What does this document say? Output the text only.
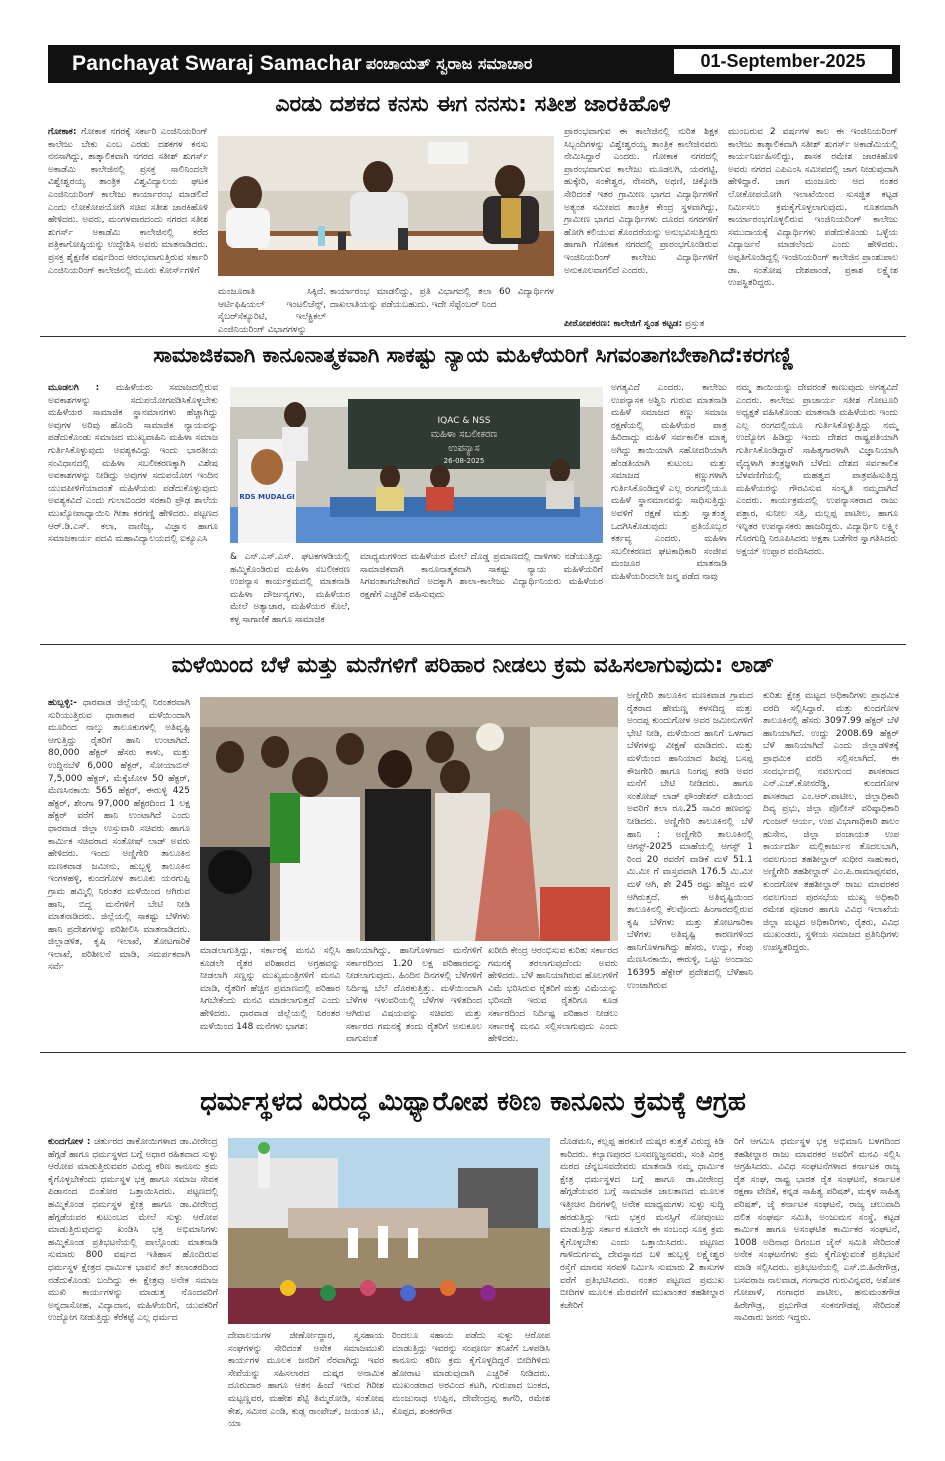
Panchayat Swaraj Samachar ಪಂಚಾಯತ್ ಸ್ವರಾಜ ಸಮಾಚಾರ	01-September-2025	2
ಎರಡು ದಶಕದ ಕನಸು ಈಗ ನನಸು: ಸತೀಶ ಜಾರಕಿಹೊಳಿ
ಗೋಕಾಕ: ಗೋಕಾಕ ನಗರಕ್ಕೆ ಸರ್ಕಾರಿ ಎಂಜಿನಿಯರಿಂಗ್ ಕಾಲೇಜು ಬೇಕು ಎಂಬ ಎರಡು ದಶಕಗಳ ಕನಸು ನನಸಾಗಿದ್ದು, ತಾತ್ಕಾಲಿಕವಾಗಿ ನಗರದ ಸತೀಶ್ ಶುಗರ್ಸ್ ಅಕಾಡೆಮಿ ಕಾಲೇಜಿನಲ್ಲಿ ಪ್ರಸಕ್ತ ಸಾಲಿನಿಂದಲೇ ವಿಶ್ವೇಶ್ವರಯ್ಯ ತಾಂತ್ರಿಕ ವಿಶ್ವವಿದ್ಯಾಲಯ ಘಟಕ ಎಂಜಿನಿಯರಿಂಗ್ ಕಾಲೇಜು ಕಾರ್ಯಾರಂಭ ಮಾಡಲಿದೆ ಎಂದು ಲೋಕೋಪಯೋಗಿ ಸಚಿವ ಸತೀಶ ಜಾರಕಿಹೊಳಿ ಹೇಳಿದರು. ಅವರು, ಮಂಗಳವಾರದಂದು ನಗರದ ಸತೀಶ ಶುಗರ್ಸ್ ಅಕಾಡೆಮಿ ಕಾಲೇಜಿನಲ್ಲಿ ಕರೆದ ಪತ್ರಿಕಾಗೋಷ್ಠಿಯನ್ನು ಉದ್ದೇಶಿಸಿ ಅವರು ಮಾತನಾಡಿದರು. ಪ್ರಸಕ್ತ ಶೈಕ್ಷಣಿಕ ವರ್ಷದಿಂದ ಆರಂಭವಾಗುತ್ತಿರುವ ಸರ್ಕಾರಿ ಎಂಜಿನಿಯರಿಂಗ್ ಕಾಲೇಜಿನಲ್ಲಿ ಮೂರು ಕೋರ್ಸ್‌ಗಳಿಗೆ
ಮಂಜೂರಾತಿ ಸಿಕ್ಕಿದೆ. ಆರ್ಟಿಫಿಷಿಯಲ್ ಇಂಟಲಿಜೆನ್ಸ್, ಸೈಬರ್‌ಸೆಕ್ಯೂರಿಟಿ, ಇಲೆಕ್ಟ್ರಿಕಲ್ ಎಂಜಿನಿಯರಿಂಗ್ ವಿಭಾಗಗಳನ್ನು
ಕಾರ್ಯಾರಂಭ ಮಾಡಲಿದ್ದು, ಪ್ರತಿ ವಿಭಾಗದಲ್ಲಿ ತಲಾ 60 ವಿದ್ಯಾರ್ಥಿಗಳ ದಾಖಲಾತಿಯನ್ನು ಪಡೆಯಬಹುದು. ಇದೇ ಸೆಪ್ಟೆಂಬರ್ ನಿಂದ
ಪ್ರಾರಂಭವಾಗುವ ಈ ಕಾಲೇಜಿನಲ್ಲಿ ನುರಿತ ಶಿಕ್ಷಕ ಸಿಬ್ಬಂದಿಗಳನ್ನು ವಿಶ್ವೇಶ್ವರಯ್ಯ ತಾಂತ್ರಿಕ ಕಾಲೇಜಿನವರು ನೇಮಿಸಿದ್ದಾರೆ ಎಂದರು. ಗೋಕಾಕ ನಗರದಲ್ಲಿ ಪ್ರಾರಂಭವಾಗುವ ಕಾಲೇಜು ಮೂಡಲಗಿ, ಯರಗಟ್ಟಿ, ಹುಕ್ಕೇರಿ, ಸಂಕೇಶ್ವರ, ನೇಸರಗಿ, ಅಥಣಿ, ಚಿಕ್ಕೋಡಿ ಸೇರಿದಂತೆ ಇತರ ಗ್ರಾಮೀಣ ಭಾಗದ ವಿದ್ಯಾರ್ಥಿಗಳಿಗೆ ಅತ್ಯಂತ ಸಮೀಪದ ತಾಂತ್ರಿಕ ಕೇಂದ್ರ ಸ್ಥಳವಾಗಿದ್ದು, ಗ್ರಾಮೀಣ ಭಾಗದ ವಿದ್ಯಾರ್ಥಿಗಳು ದೂರದ ನಗರಗಳಿಗೆ ಹೋಗಿ ಕಲಿಯುವ ತೊಂದರೆಯನ್ನು ಅನುಭವಿಸುತ್ತಿದ್ದರು ಹಾಗಾಗಿ ಗೋಕಾಕ ನಗರದಲ್ಲಿ ಪ್ರಾರಂಭಗೊಂಡಿರುವ ಇಂಜಿನಿಯರಿಂಗ್ ಕಾಲೇಜು ವಿದ್ಯಾರ್ಥಿಗಳಿಗೆ ಅನುಕೂಲವಾಗಲಿದೆ ಎಂದರು.
ಪೀಠೋಪಕರಣ: ಕಾಲೇಜಿಗೆ ಸ್ವಂತ ಕಟ್ಟಡ: ಪ್ರಸ್ತುತ
ಮುಂಬರುವ 2 ವರ್ಷಗಳ ಕಾಲ ಈ ಇಂಜಿನಿಯರಿಂಗ್ ಕಾಲೇಜು ತಾತ್ಕಾಲಿಕವಾಗಿ ಸತೀಶ್ ಶುಗರ್ಸ್ ಅಕಾಡೆಮಿಯಲ್ಲಿ ಕಾರ್ಯನಿರ್ವಹಿಸಲಿದ್ದು, ಶಾಸಕ ರಮೇಶ ಜಾರಕಿಹೊಳಿ ಅವರು ನಗರದ ಎಪಿಎಂಸಿ ಸಮೀಪದಲ್ಲಿ ಜಾಗ ನೀಡುವುದಾಗಿ ಹೇಳಿದ್ದಾರೆ. ಜಾಗ ಮಂಜೂರು ಆದ ನಂತರ ಲೋಕೋಪಯೋಗಿ ಇಲಾಖೆಯಿಂದ ಸುಸಜ್ಜಿತ ಕಟ್ಟಡ ನಿರ್ಮಿಸಲು ಕ್ರಮಕೈಗೊಳ್ಳಲಾಗುವುದು. ನೂತನವಾಗಿ ಕಾರ್ಯಾರಂಭಗೊಳ್ಳಲಿರುವ ಇಂಜಿನಿಯರಿಂಗ್ ಕಾಲೇಜು ಸಮುದಾಯಕ್ಕೆ ವಿದ್ಯಾರ್ಥಿಗಳು ಪಡೆದುಕೊಂಡು ಒಳ್ಳೆಯ ವಿದ್ಯಾರ್ಜನೆ ಮಾಡಲೆಂದು ಎಂದು ಹೇಳಿದರು. ಅಪ್ಪತಿಗೊಂಡಿದ್ದಲ್ಲಿ ಇಂಜಿನಿಯರಿಂಗ್ ಕಾಲೇಜಿನ ಪ್ರಾಂಶುಪಾಲ ಡಾ. ಸಂತೋಷ ದೇಶಪಾಂಡೆ, ಪ್ರಕಾಶ ಲಕ್ಷ್ಮೇಶ ಉಪಸ್ಥಿತರಿದ್ದರು.
ಸಾಮಾಜಿಕವಾಗಿ ಕಾನೂನಾತ್ಮಕವಾಗಿ ಸಾಕಷ್ಟು ನ್ಯಾಯ ಮಹಿಳೆಯರಿಗೆ ಸಿಗವಂತಾಗಬೇಕಾಗಿದೆ:ಕರಗಣ್ಣಿ
ಮೂಡಲಗಿ : ಮಹಿಳೆಯರು ಸಮಾಜದಲ್ಲಿರುವ ಅವಕಾಶಗಳನ್ನು ಸದುಪಯೋಗಪಡಿಸಿಕೊಳ್ಳಬೇಕು ಮಹಿಳೆಯರ ಸಾಮಾಜಿಕ ಸ್ಥಾನಮಾನಗಳು ಹೆಚ್ಚಾಗಿದ್ದು ಅವುಗಳ ಅರಿವು ಹೊಂದಿ ಸಾಮಾಜಿಕ ನ್ಯಾಯವನ್ನು ಪಡೆದುಕೊಂಡು ಸಮಾಜದ ಮುಖ್ಯವಾಹಿನಿ ಮಹಿಳಾ ಸಮಾಜ ಗುರ್ತಿಸಿಕೊಳ್ಳುವುದು ಅವಶ್ಯಕವಿದ್ದು ಇಂದು ಭಾರತೀಯ ಸಂವಿಧಾನದಲ್ಲಿ ಮಹಿಳಾ ಸಬಲೀಕರಣಕ್ಕಾಗಿ ವಿಶೇಷ ಅವಕಾಶಗಳನ್ನು ನೀಡಿದ್ದು ಅವುಗಳ ಸದುಪಯೋಗ ಇಂದಿನ ಯುವಪೀಳಿಗೆಯಾದಂತೆ ಮಹಿಳೆಯರು ಪಡೆದುಕೊಳ್ಳುವುದು ಅವಶ್ಯಕವಿದೆ ಎಂದು ಗುಲಾಬಿಂದರ ಸರಕಾರಿ ಪ್ರೌಢ ಶಾಲೆಯ ಮುಖ್ಯೋಪಾಧ್ಯಾಯಿನಿ ಗೀತಾ ಕರಗಣ್ಣಿ ಹೇಳಿದರು. ಪಟ್ಟಣದ ಆರ್.ಡಿ.ಎಸ್. ಕಲಾ, ವಾಣಿಜ್ಯ, ವಿಜ್ಞಾನ ಹಾಗೂ ಸಮಾಜಕಾರ್ಯ ಪದವಿ ಮಹಾವಿದ್ಯಾಲಯದಲ್ಲಿ ಐಕ್ಯೂಎಸಿ
IQAC & NSS
ಮಹಿಳಾ ಸಬಲೀಕರಣ
ಉಪನ್ಯಾಸ
26-08-2025
RDS MUDALGI
& ಎನ್.ಎಸ್.ಎಸ್. ಘಟಕಗಳಡಿಯಲ್ಲಿ ಹಮ್ಮಿಕೊಂಡಿರುವ ಮಹಿಳಾ ಸಬಲೀಕರಣ ಉಪನ್ಯಾಸ ಕಾರ್ಯಕ್ರಮದಲ್ಲಿ ಮಾತನಾಡಿ ಮಹಿಳಾ ದೌರ್ಜನ್ಯಗಳು, ಮಹಿಳೆಯರ ಮೇಲೆ ಅತ್ಯಾಚಾರ, ಮಹಿಳೆಯರ ಕೊಲೆ, ಕಳ್ಳ ಸಾಗಾಣಿಕೆ ಹಾಗೂ ಸಾಮಾಜಿಕ
ಮಾಧ್ಯಮಗಳಿಂದ ಮಹಿಳೆಯರ ಮೇಲೆ ದೊಡ್ಡ ಪ್ರಮಾಣದಲ್ಲಿ ದಾಳಿಗಳು ನಡೆಯುತ್ತಿದ್ದು ಸಾಮಾಜಿಕವಾಗಿ ಕಾನೂನಾತ್ಮಕವಾಗಿ ಸಾಕಷ್ಟು ನ್ಯಾಯ ಮಹಿಳೆಯರಿಗೆ ಸಿಗವಂತಾಗಬೇಕಾಗಿದೆ ಅದಕ್ಕಾಗಿ ಶಾಲಾ-ಕಾಲೇಜು ವಿದ್ಯಾರ್ಥಿನಿಯರು ಮಹಿಳೆಯರ ರಕ್ಷಣೆಗೆ ಎಚ್ಚರಿಕೆ ವಹಿಸುವುದು
ಅಗತ್ಯವಿದೆ ಎಂದರು. ಕಾಲೇಜು ಉಪನ್ಯಾಸಕ ಅಶ್ವಿನಿ ಗುರುವ ಮಾತನಾಡಿ ಮಹಿಳೆ ಸಮಾಜದ ಕಣ್ಣು ಸಮಾಜ ರಕ್ಷಣೆಯಲ್ಲಿ ಮಹಿಳೆಯರ ಪಾತ್ರ ಹಿರಿದಾದ್ದು ಮಹಿಳೆ ಸರ್ವಕಾಲಿಕ ಮಾತೃ ಅಗಿದ್ದು ತಾಯಿಯಾಗಿ ಸಹೋದರಿಯಾಗಿ ಹೆಂಡತಿಯಾಗಿ ಕುಟುಂಬ ಮತ್ತು ಸಮಾಜದ ಕಣ್ಣುಗಳಾಗಿ ಗುರ್ತಿಸಿಕೊಂಡಿದ್ದಳೆ ಎಲ್ಲ ರಂಗದಲ್ಲಿಯೂ ಮಹಿಳೆ ಸ್ಥಾನಮಾನವನ್ನು ಸಾಧಿಸುತ್ತಿದ್ದು ಅವಳಿಗೆ ರಕ್ಷಣೆ ಮತ್ತು ಸ್ವಾತಂತ್ರ್ಯ ಒದಗಿಸಿಕೊಡುವುದು ಪ್ರತಿಯೊಬ್ಬರ ಕರ್ತವ್ಯ ಎಂದರು. ಮಹಿಳಾ ಸಬಲೀಕರಣದ ಘಟಕಾಧಿಕಾರಿ ಸಂಜೀವ ಮಂಜೂರ ಮಾತನಾಡಿ ಮಹಿಳೆಯರಿಂದಲೇ ಜನ್ಮ ಪಡೆದ ನಾವು
ನಮ್ಮ ತಾಯಿಯನ್ನು ದೇವರಂತೆ ಕಾಣುವುದು ಅಗತ್ಯವಿದೆ ಎಂದರು. ಕಾಲೇಜು ಪ್ರಾಚಾರ್ಯ ಸತೀಶ ಗೋಟೂರಿ ಅಧ್ಯಕ್ಷತೆ ವಹಿಸಿಕೊಂಡು ಮಾತನಾಡಿ ಮಹಿಳೆಯರು ಇಂದು ಎಲ್ಲ ರಂಗದಲ್ಲಿಯೂ ಗುರ್ತಿಸಿಕೊಳ್ಳುತ್ತಿದ್ದು ನಮ್ಮ ಉದ್ಯೋಗ ಹಿಡಿದ್ದು ಇಂದು ದೇಶದ ರಾಷ್ಟ್ರಪತಿಯಾಗಿ ಗುರ್ತಿಸಿಕೊಂಡಿದ್ದಾರೆ ಸಾಹಿತ್ಯಗಾರಳಾಗಿ ವಿಜ್ಞಾನಿಯಾಗಿ ವೈದ್ಯಳಾಗಿ ತಂತ್ರಜ್ಞಳಾಗಿ ಬೆಳೆದು ದೇಶದ ಸರ್ವಕಾಲಿಕ ಬೆಳವಣಿಗೆಯಲ್ಲಿ ಮಹತ್ವದ ಪಾತ್ರವಹಿಸುತ್ತಿದ್ದ ಮಹಿಳೆಯರನ್ನು ಗೌರವಿಸುವ ಸಂಸ್ಕೃತಿ ನಮ್ಮದಾಗಿದೆ ಎಂದರು. ಕಾರ್ಯಕ್ರಮದಲ್ಲಿ ಉಪನ್ಯಾಸಕರಾದ ರಾಜು ಪತ್ತಾರ, ಸುನೀಲ ಸತ್ತಿ, ಮಲ್ಲಪ್ಪ ಪಾಟೀಲ, ಹಾಗೂ ಇನ್ನಿತರ ಉಪನ್ಯಾಸಕರು ಹಾಜರಿದ್ದರು. ವಿದ್ಯಾರ್ಥಿನಿ ಲಕ್ಷ್ಮೀ ಗೊರಗುದ್ದಿ ನಿರೂಪಿಸಿದರು ಅಕ್ಷತಾ ಬಡೆಗೇರ ಸ್ವಾಗತಿಸಿದರು ಅಕ್ಷಯ್ ಉಪ್ಪಾರ ವಂದಿಸಿದರು.
ಮಳೆಯಿಂದ ಬೆಳೆ ಮತ್ತು ಮನೆಗಳಿಗೆ ಪರಿಹಾರ ನೀಡಲು ಕ್ರಮ ವಹಿಸಲಾಗುವುದು: ಲಾಡ್
ಹುಬ್ಬಳ್ಳಿ:- ಧಾರವಾಡ ಜಿಲ್ಲೆಯಲ್ಲಿ ನಿರಂತರವಾಗಿ ಸುರಿಯುತ್ತಿರುವ ಧಾರಾಕಾರ ಮಳೆಯಿಂದಾಗಿ ಮೂರಿಂದ ನಾಲ್ಕು ತಾಲೂಕುಗಳಲ್ಲಿ ಅತಿವೃಷ್ಟಿ ಆಗುತ್ತಿದ್ದು ರೈತರಿಗೆ ಹಾನಿ ಉಂಟಾಗಿದೆ. 80,000 ಹೆಕ್ಟರ್ ಹೆಸರು ಕಾಳು, ಮತ್ತು ಉದ್ದಿನಬೆಳೆ 6,000 ಹೆಕ್ಟರ್, ಸೋಯಾಬಿನ್ 7,5,000 ಹೆಕ್ಟರ್, ಮೆಕ್ಕೆಜೋಳ 50 ಹೆಕ್ಟರ್, ಮೆಣಸಿನಕಾಯಿ 565 ಹೆಕ್ಟರ್, ಈರುಳ್ಳಿ 425 ಹೆಕ್ಟರ್, ಶೇಂಗಾ 97,000 ಹೆಕ್ಟರದಿಂದ 1 ಲಕ್ಷ ಹೆಕ್ಟರ್ ವರೆಗೆ ಹಾನಿ ಉಂಟಾಗಿದೆ ಎಂದು ಧಾರವಾಡ ಜಿಲ್ಲಾ ಉಸ್ತುವಾರಿ ಸಚಿವರು ಹಾಗೂ ಕಾರ್ಮಿಕ ಸಚಿವರಾದ ಸಂತೋಷ್ ಲಾಡ್ ಅವರು ಹೇಳಿದರು. ಇಂದು ಅಣ್ಣಿಗೇರಿ ತಾಲೂಕಿನ ಮಣಕವಾಡ ಜಮೀನು, ಹುಬ್ಬಳ್ಳಿ ತಾಲೂಕಿನ ಇಂಗಳಹಳ್ಳಿ, ಕುಂದಗೋಳ ತಾಲೂಕು ಯರಗುಪ್ಪಿ ಗ್ರಾಮ ಹಮ್ಮಿಲ್ಲಿ ನಿರಂತರ ಮಳೆಯಿಂದ ಆಗಿರುವ ಹಾನಿ, ಬಿದ್ದ ಮನೆಗಳಿಗೆ ಬೇಟಿ ನೀಡಿ ಮಾತನಾಡಿದರು. ಜಿಲ್ಲೆಯಲ್ಲಿ ಸಾಕಷ್ಟು ಬೆಳೆಗಳು ಹಾನಿ ಪ್ರದೇಶಗಳನ್ನು ಪರಿಶೀಲಿಸಿ ಮಾತನಾಡಿದರು. ಜಿಲ್ಲಾಡಳಿತ, ಕೃಷಿ ಇಲಾಖೆ, ತೋಟಗಾರಿಕೆ ಇಲಾಖೆ, ಪರಿಶೀಲನೆ ಮಾಡಿ, ಸಮರ್ಪಕವಾಗಿ ಸರ್ವೆ
ಮಾಡಲಾಗುತ್ತಿದ್ದು, ಸರ್ಕಾರಕ್ಕೆ ಮನವಿ ಸಲ್ಲಿಸಿ ಕೂಡಲೇ ರೈತರ ಪರಿಹಾರದ ಅಗ್ರಹವನ್ನು ನೀಡಲಾಗಿ ಸಣ್ಣನ್ನು ಮುಖ್ಯಮಂತ್ರಿಗಳಿಗೆ ಮನವಿ ಮಾಡಿ, ರೈತರಿಗೆ ಹೆಚ್ಚಿನ ಪ್ರಮಾಣದಲ್ಲಿ ಪರಿಹಾರ ಸಿಗಬೇಕೆಂದು ಮನವಿ ಮಾಡಲಾಗುತ್ತದೆ ಎಂದು ಹೇಳಿದರು. ಧಾರವಾಡ ಜಿಲ್ಲೆಯಲ್ಲಿ ನಿರಂತರ ಮಳೆಯಿಂದ 148 ಮನೆಗಳು ಭಾಗಶ:
ಹಾನಿಯಾಗಿದ್ದು, ಹಾನಿಗೊಳಗಾದ ಮನೆಗಳಿಗೆ ಸರ್ಕಾರದಿಂದ 1.20 ಲಕ್ಷ ಪರಿಹಾರವನ್ನು ನೀಡಲಾಗುವುದು. ಹಿಂದಿನ ದಿನಗಳಲ್ಲಿ ಬೆಳೆಗಳಿಗೆ ನಿರ್ದಿಷ್ಟ ಬೆಲೆ ದೊರಕುತ್ತಿತ್ತು. ಮಳೆಯಿಂದಾಗಿ ಬೆಳೆಗಳ ಇಳುವರಿಯಲ್ಲಿ ಬೆಳೆಗಳ ಇಳಿತದಿಂದ ಆಗಿರುವ ವಿಷಯವನ್ನು ಸಚಿವರು ಮತ್ತು ಸರ್ಕಾರದ ಗಮನಕ್ಕೆ ತಂದು ರೈತರಿಗೆ ಅನುಕೂಲ ವಾಗುವಂತೆ
ಖರೀದಿ ಕೇಂದ್ರ ಆರಂಭಿಸುವ ಕುರಿತು ಸರ್ಕಾರದ ಗಮನಕ್ಕೆ ತರಲಾಗುವುದೆಂದು ಅವರು ಹೇಳಿದರು. ಬೆಳೆ ಹಾನಿಯಾಗಿರುವ ಹೊಲಗಳಿಗೆ ವಿಮೆ ಭರಿಸಿರುವ ರೈತರಿಗೆ ಮತ್ತು ವಿಮೆಯನ್ನು ಭರಿಸದೇ ಇರುವ ರೈತರಿಗೂ ಕೂಡ ಸರ್ಕಾರದಿಂದ ನಿರ್ದಿಷ್ಟ ಪರಿಹಾರ ನೀಡಲು ಸರ್ಕಾರಕ್ಕೆ ಮನವಿ ಸಲ್ಲಿಸಲಾಗುವುದು ಎಂದು ಹೇಳಿದರು.
ಅಣ್ಣಿಗೇರಿ ತಾಲೂಕಿನ ಮಣಕವಾಡ ಗ್ರಾಮದ ರೈತರಾದ ಹೇಮಣ್ಣ ಕಳಸದಿದ್ದ ಮತ್ತು ಅಂದಪ್ಪ ಕುಂದುಗೋಳ ಅವರ ಜಮೀನುಗಳಿಗೆ ಭೇಟಿ ನೀಡಿ, ಮಳೆಯಿಂದ ಹಾನಿಗೆ ಒಳಗಾದ ಬೆಳೆಗಳನ್ನು ವೀಕ್ಷಣೆ ಮಾಡಿದರು. ಮತ್ತು ಮಳೆಯಿಂದ ಹಾನಿಯಾದ ಶಿವಪ್ಪ ಬಸಪ್ಪ ಕೌಜಗೇರಿ ಹಾಗೂ ನಿಂಗಪ್ಪ ಕರಡಿ ಅವರ ಮನೆಗೆ ಬೇಟಿ ನೀಡಿದರು. ಹಾಗೂ ಸಂತೋಷ್ ಲಾಡ್ ಫೌಂಡೇಶನ್ ವತಿಯಿಂದ ಅವರಿಗೆ ತಲಾ ರೂ.25 ಸಾವಿರ ಹಣವನ್ನು ನೀಡಿದರು. ಅಣ್ಣಿಗೇರಿ ತಾಲೂಕಿನಲ್ಲಿ ಬೆಳೆ ಹಾನಿ : ಅಣ್ಣಿಗೇರಿ ತಾಲೂಕಿನಲ್ಲಿ ಆಗಸ್ಟ್-2025 ಮಾಹೆಯಲ್ಲಿ ಆಗಸ್ಟ್ 1 ರಿಂದ 20 ರವರೆಗೆ ವಾಡಿಕೆ ಮಳೆ 51.1 ಮಿ.ಮೀ ಗೆ ವಾಸ್ತವವಾಗಿ 176.5 ಮಿ.ಮೀ ಮಳೆ ಆಗಿ, ಶೇ 245 ರಷ್ಟು ಹೆಚ್ಚಿನ ಮಳೆ ಆಗಿರುತ್ತದೆ. ಈ ಅತಿವೃಷ್ಟಿಯಿಂದ ತಾಲೂಕಿನಲ್ಲಿ ಕೆಲವೊಂದು ಹಿಂಗಾರದಲ್ಲಿರುವ ಕೃಷಿ ಬೆಳೆಗಳು ಮತ್ತು ತೋಟಗಾರಿಕಾ ಬೆಳೆಗಳು ಅತಿವೃಷ್ಟಿ ಕಾರಣಗಳಿಂದ ಹಾನಿಗೊಳಗಾಗಿದ್ದು ಹೆಸರು, ಉದ್ದು, ಕೆಂಪು ಮೆಣಸಿನಕಾಯಿ, ಈರುಳ್ಳಿ, ಒಟ್ಟು ಅಂದಾಜು 16395 ಹೆಕ್ಟೇರ್ ಪ್ರದೇಶದಲ್ಲಿ ಬೆಳೆಹಾನಿ ಉಂಟಾಗಿರುವ
ಕುರಿತು ಕ್ಷೇತ್ರ ಮಟ್ಟದ ಅಧಿಕಾರಿಗಳು ಪ್ರಾಥಮಿಕ ವರದಿ ಸಲ್ಲಿಸಿದ್ದಾರೆ. ಮತ್ತು ಕುಂದಗೋಳ ತಾಲೂಕಿನಲ್ಲಿ ಹೆಸರು 3097.99 ಹೆಕ್ಟರ್ ಬೆಳೆ ಹಾನಿಯಾಗಿದೆ. ಉದ್ದು 2008.69 ಹೆಕ್ಟರ್ ಬೆಳೆ ಹಾನಿಯಾಗಿದೆ ಎಂದು ಜಿಲ್ಲಾಡಳಿತಕ್ಕೆ ಪ್ರಾಥಮಿಕ ವರದಿ ಸಲ್ಲಿಸಲಾಗಿದೆ. ಈ ಸಂದರ್ಭದಲ್ಲಿ ನವಲಗುಂದ ಶಾಸಕರಾದ ಎನ್.ಎಚ್.ಕೋನರೆಡ್ಡಿ, ಕುಂದಗೋಳ ಶಾಸಕರಾದ ಎಂ.ಆರ್.ಪಾಟೀಲ, ಜಿಲ್ಲಾಧಿಕಾರಿ ದಿವ್ಯ ಪ್ರಭು, ಜಿಲ್ಲಾ ಪೊಲೀಸ್ ವರಿಷ್ಠಾಧಿಕಾರಿ ಗುಂಜನ್ ಆರ್ಯ, ಉಪ ವಿಭಾಗಾಧಿಕಾರಿ ಶಾಲಂ ಹುಸೇನ, ಜಿಲ್ಲಾ ಪಂಚಾಯತ ಉಪ ಕಾರ್ಯದರ್ಶಿ ಮಲ್ಲಿಕಾರ್ಜುನ ತೊದಲಬಾಗಿ, ನವಲಗುಂದ ತಹಶೀಲ್ದಾರ್ ಸುಧೀರ ಸಾಹುಕಾರ, ಅಣ್ಣಿಗೇರಿ ತಹಶೀಲ್ದಾರ್ ಎಂ.ಪಿ.ರಾಮಾಪ್ಪನವರ, ಕುಂದಗೋಳ ತಹಶೀಲ್ದಾರ್ ರಾಜು ಮಾವರಕರ ನವಲಗುಂದ ಪುರಸಭೆಯ ಮುಖ್ಯ ಅಧಿಕಾರಿ ರಮೇಶ ಪೂಜಾರ ಹಾಗೂ ವಿವಿಧ ಇಲಾಖೆಯ ಜಿಲ್ಲಾ ಮಟ್ಟದ ಅಧಿಕಾರಿಗಳು, ರೈತರು, ವಿವಿಧ ಮುಖಂಡರು, ಸ್ಥಳೀಯ ಸಮಾಜದ ಪ್ರತಿನಿಧಿಗಳು ಉಪಸ್ಥಿತರಿದ್ದರು.
ಧರ್ಮಸ್ಥಳದ ವಿರುದ್ಧ ಮಿಥ್ಯಾರೋಪ ಕಠಿಣ ಕಾನೂನು ಕ್ರಮಕ್ಕೆ ಆಗ್ರಹ
ಕುಂದಗೋಳ : ಚರ್ತುರದ ಡಾಕೋಯಿಗಳಾದ ಡಾ.ವೀರೇಂದ್ರ ಹೆಗ್ಗಡೆ ಹಾಗೂ ಧರ್ಮಸ್ಥಳದ ಬಗ್ಗೆ ಅಧಾರ ರಹಿತವಾದ ಸುಳ್ಳು ಆರೋಪ ಮಾಡುತ್ತಿರುವವರ ವಿರುದ್ಧ ಕಠಿಣ ಕಾನೂನು ಕ್ರಮ ಕೈಗೊಳ್ಳಬೇಕೆಂದು ಧರ್ಮಸ್ಥಳ ಭಕ್ತ ಹಾಗೂ ಸಮಾಜ ಸೇವಕ ಪಿಡಾನಂದ ಬಿಂತೋರ ಒತ್ತಾಯಿಸಿದರು. ಪಟ್ಟಣದಲ್ಲಿ ಹಮ್ಮಿಕೊಂಡ ಧರ್ಮಸ್ಥಳ ಕ್ಷೇತ್ರ ಹಾಗೂ ಡಾ.ವೀರೇಂದ್ರ ಹೆಗ್ಗಡೆಯವರ ಕುಟುಂಬದ ಮೇಲೆ ಸುಳ್ಳು ಆರೋಪ ಮಾಡುತ್ತಿರುವುದನ್ನು ಖಂಡಿಸಿ ಭಕ್ತ ಅಭಿಮಾನಿಗಳು ಹಮ್ಮಿಕೊಂಡ ಪ್ರತಿಭಟನೆಯಲ್ಲಿ ಪಾಲ್ಗೊಂಡು ಮಾತನಾಡಿ ಸುಮಾರು 800 ವರ್ಷದ ಇತಿಹಾಸ ಹೊಂದಿರುವ ಧರ್ಮಸ್ಥಳ ಕ್ಷೇತ್ರದ ಧಾರ್ಮಿಕ ಭಾವನೆ ತಲೆ ತಲಾಂತರದಿಂದ ನಡೆದುಕೊಂಡು ಬಂದಿದ್ದು ಈ ಕ್ಷೇತ್ರವು ಅನೇಕ ಸಮಾಜ ಮುಖಿ ಕಾರ್ಯಗಳನ್ನು ಮಾಡುತ್ತ ನೊಂದವರಿಗೆ ಅನ್ನದಾಸೋಹ, ವಿದ್ಯಾದಾನ, ಮಹಿಳೆಯರಿಗೆ, ಯುವಕರಿಗೆ ಉದ್ಯೋಗ ನೀಡುತ್ತಿದ್ದು ಕೆರೆಕಟ್ಟೆ ಎಲ್ಲ ಧರ್ಮದ
ದೇವಾಲಯಗಳ ಜೀರ್ಣೋದ್ಧಾರ, ಸ್ವಸಹಾಯ ಸಂಘಗಳನ್ನು ಸೇರಿದಂತೆ ಅನೇಕ ಸಮಾಜಮುಖಿ ಕಾರ್ಯಗಳ ಮೂಲಕ ಜನರಿಗೆ ನೆರವಾಗಿದ್ದು ಇವರ ಸೇವೆಯನ್ನು ಸಹಿಸಲಾರದ ದುಷ್ಕರ ಅನಾಮಿಕ ದೂರುದಾರ ಹಾಗೂ ಆತನ ಹಿಂದೆ ಇರುವ ಗಿರೀಶ ಮಟ್ಟಣ್ಣವರ, ಮಹೇಶ ಶೆಟ್ಟಿ ತಿಮ್ಮರೋಡಿ, ಸಂತೋಷ ಕೇಶ, ಸಮೀರ ಎಂಡಿ, ಕುಡ್ಲ ರಾಂಪೇಜ್, ಜಯಂತ ಟಿ., ಯಾ
ರಿಂದಲೂ ಸಹಾಯ ಪಡೆದು ಸುಳ್ಳು ಆರೋಪ ಮಾಡುತ್ತಿದ್ದು ಇವರನ್ನು ಸಂಪೂರ್ಣ ತನಿಖೆಗೆ ಒಳಪಡಿಸಿ ಕಾನೂನು ಕಠಿಣ ಕ್ರಮ ಕೈಗೊಳ್ಳದಿದ್ದರೆ ಬೀದಿಗಿಳಿದು ಹೋರಾಟ ಮಾಡುವುದಾಗಿ ಎಚ್ಚರಿಕೆ ನೀಡಿದರು. ಮುಖಂಡರಾದ ಅರವಿಂದ ಕಟಗಿ, ಗುರುಪಾದ ಬಂಕದ, ಮಂಜುನಾಥ ಉಪ್ಪಿನ, ದೇವೇಂದ್ರಪ್ಪ ಕಾಗೆರಿ, ರಮೇಶ ಕೊಪ್ಪದ, ಶಂಕರಗೌಡ
ದೊಡಮನಿ, ಕಲ್ಲಪ್ಪ ಹರಕುಣಿ ದುಷ್ಕರ ಕುತ್ತತೆ ವಿರುದ್ಧ ಕಿಡಿ ಕಾರಿದರು. ಕಲ್ಯಾಣಪುರದ ಬಸವಣ್ಣಜ್ಜನವರು, ಸಂತಿ ವಿರಕ್ತ ಮಠದ ಚೆನ್ನಬಸವದೇವರು ಮಾತನಾಡಿ ನಮ್ಮ ಧಾರ್ಮಿಕ ಕ್ಷೇತ್ರ ಧರ್ಮಸ್ಥಳದ ಬಗ್ಗೆ ಹಾಗೂ ಡಾ.ವೀರೇಂದ್ರ ಹೆಗ್ಗಡೆಯವರ ಬಗ್ಗೆ ಸಾಮಾಜಿಕ ಜಾಲತಾಣದ ಮೂಲಕ ಇತ್ತೀಚಿನ ದಿನಗಳಲ್ಲಿ ಅನೇಕ ಮಾಧ್ಯಮಗಳು ಸುಳ್ಳು ಸುದ್ದಿ ಹರಡುತ್ತಿದ್ದು ಇದು ಭಕ್ತರ ಮನಸ್ಸಿಗೆ ನೋವುಂಟು ಮಾಡುತ್ತಿದ್ದು ಸರ್ಕಾರ ಕೂಡಲೇ ಈ ಸಂಬಂಧ ಸೂಕ್ತ ಕ್ರಮ ಕೈಗೊಳ್ಳಬೇಕು ಎಂದು ಒತ್ತಾಯಿಸಿದರು. ಪಟ್ಟಣದ ಗಾಳಿದುರ್ಗಮ್ಮ ದೇವಸ್ಥಾನದ ಬಳಿ ಹುಬ್ಬಳ್ಳಿ ಲಕ್ಷ್ಮೇಶ್ವರ ರಸ್ತೆಗೆ ಮಾನವ ಸರಪಳಿ ನಿರ್ಮಿಸಿ ಸುಮಾರು 2 ತಾಸುಗಳ ವರೆಗೆ ಪ್ರತಿಭಟಿಸಿದರು. ನಂತರ ಪಟ್ಟಣದ ಪ್ರಮುಖ ಬೀದಿಗಳ ಮೂಲಕ ಮೆರವಣಿಗೆ ಮುಖಾಂತರ ತಹಶೀಲ್ದಾರ ಕಚೇರಿಗೆ
ರಿಗೆ ಆಗಮಿಸಿ ಧರ್ಮಸ್ಥಳ ಭಕ್ತ ಅಭಿಮಾನಿ ಬಳಗದಿಂದ ತಹಶೀಲ್ದಾರ ರಾಜು ಮಾವರಕರ ಅವರಿಗೆ ಮನವಿ ಸಲ್ಲಿಸಿ ಆಗ್ರಹಿಸಿದರು. ವಿವಿಧ ಸಂಘಟನೆಗಳಾದ ಕರ್ನಾಟಕ ರಾಜ್ಯ ರೈತ ಸಂಘ, ರಾಷ್ಟ್ರ ಭಾರತ ರೈತ ಸಂಘಟನೆ, ಕರ್ನಾಟಕ ರಕ್ಷಣಾ ವೇದಿಕೆ, ಕನ್ನಡ ಸಾಹಿತ್ಯ ಪರಿಷತ್, ಮಕ್ಕಳ ಸಾಹಿತ್ಯ ಪರಿಷತ್, ಜೈ ಕರ್ನಾಟಕ ಸಂಘಟನೆ, ರಾಜ್ಯ ಚಲುವಾದಿ ದಲಿತ ಸಂಘರ್ಷ ಸಮಿತಿ, ಅಂಜುಮನ ಸಂಸ್ಥೆ, ಕಟ್ಟಡ ಕಾರ್ಮಿಕ ಹಾಗೂ ಅಸಂಘಟಿತ ಕಾರ್ಮಿಕರ ಸಂಘಟನೆ, 1008 ಅದಿನಾಥ ದಿಗಂಬರ ಜೈನ್ ಸಮಿತಿ ಸೇರಿದಂತೆ ಅನೇಕ ಸಂಘಟನೆಗಳು ಕ್ರಮ ಕೈಗೊಳ್ಳುವಂತೆ ಪ್ರತಿಭಟನೆ ಮಾಡಿ ಸಲ್ಲಿಸಿದರು. ಪ್ರತಿಭಟನೆಯಲ್ಲಿ ಎಸ್.ಬಿ.ಹಿರೇಗೌಡ್ರ, ಬಸವರಾಜ ನಾಲವಾಡ, ಗಂಗಾಧರ ಗುರುವಿನ್ನವರ, ಅಶೋಕ ಗೋಪಾಳೆ, ಗಂಗಾಧರ ಪಾಟೀಲ, ಹನುಮಂತಗೌಡ ಹಿರೇಗೌಡ್ರ, ಪ್ರಭುಗೌಡ ಸಂಕನಗೌಡಪ್ಪ ಸೇರಿದಂತೆ ಸಾವಿರಾರು ಜನರು ಇದ್ದರು.
